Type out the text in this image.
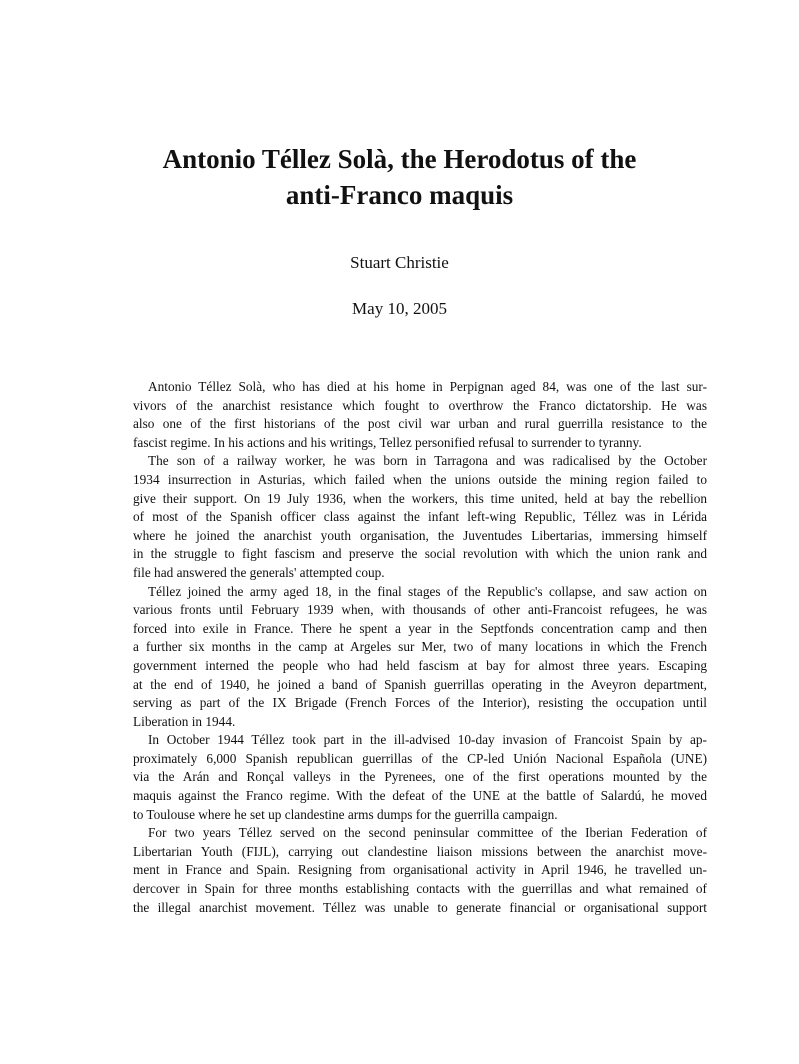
Antonio Téllez Solà, the Herodotus of the
anti-Franco maquis
Stuart Christie
May 10, 2005

Antonio Téllez Solà, who has died at his home in Perpignan aged 84, was one of the last sur-
vivors of the anarchist resistance which fought to overthrow the Franco dictatorship. He was
also one of the first historians of the post civil war urban and rural guerrilla resistance to the
fascist regime. In his actions and his writings, Tellez personified refusal to surrender to tyranny.

The son of a railway worker, he was born in Tarragona and was radicalised by the October
1934 insurrection in Asturias, which failed when the unions outside the mining region failed to
give their support. On 19 July 1936, when the workers, this time united, held at bay the rebellion
of most of the Spanish officer class against the infant left-wing Republic, Téllez was in Lérida
where he joined the anarchist youth organisation, the Juventudes Libertarias, immersing himself
in the struggle to fight fascism and preserve the social revolution with which the union rank and
file had answered the generals' attempted coup.

Téllez joined the army aged 18, in the final stages of the Republic's collapse, and saw action on
various fronts until February 1939 when, with thousands of other anti-Francoist refugees, he was
forced into exile in France. There he spent a year in the Septfonds concentration camp and then
a further six months in the camp at Argeles sur Mer, two of many locations in which the French
government interned the people who had held fascism at bay for almost three years. Escaping
at the end of 1940, he joined a band of Spanish guerrillas operating in the Aveyron department,
serving as part of the IX Brigade (French Forces of the Interior), resisting the occupation until
Liberation in 1944.

In October 1944 Téllez took part in the ill-advised 10-day invasion of Francoist Spain by ap-
proximately 6,000 Spanish republican guerrillas of the CP-led Unión Nacional Española (UNE)
via the Arán and Ronçal valleys in the Pyrenees, one of the first operations mounted by the
maquis against the Franco regime. With the defeat of the UNE at the battle of Salardú, he moved
to Toulouse where he set up clandestine arms dumps for the guerrilla campaign.

For two years Téllez served on the second peninsular committee of the Iberian Federation of
Libertarian Youth (FIJL), carrying out clandestine liaison missions between the anarchist move-
ment in France and Spain. Resigning from organisational activity in April 1946, he travelled un-
dercover in Spain for three months establishing contacts with the guerrillas and what remained of
the illegal anarchist movement. Téllez was unable to generate financial or organisational support
